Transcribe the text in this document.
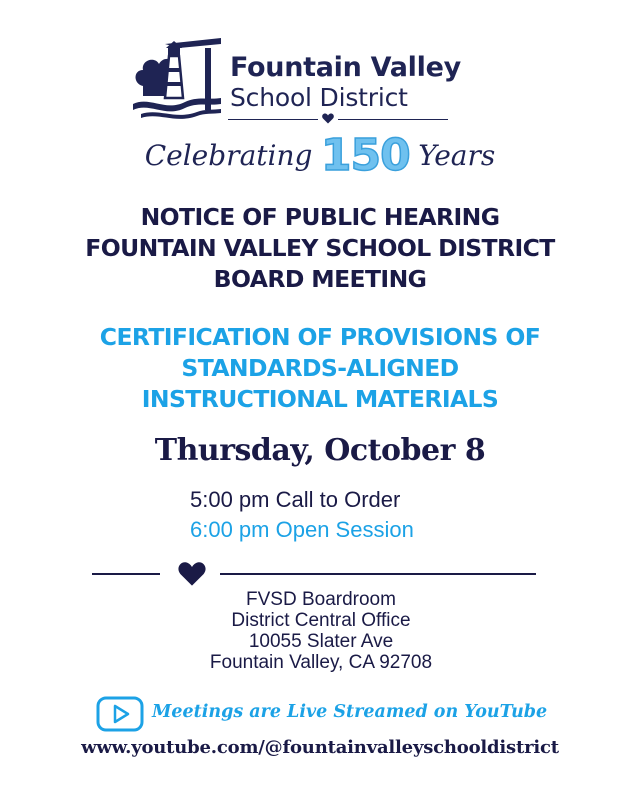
Fountain Valley
School District
Celebrating 150 Years
NOTICE OF PUBLIC HEARING
FOUNTAIN VALLEY SCHOOL DISTRICT
BOARD MEETING
CERTIFICATION OF PROVISIONS OF
STANDARDS-ALIGNED
INSTRUCTIONAL MATERIALS
Thursday, October 8
5:00 pm Call to Order
6:00 pm Open Session
FVSD Boardroom
District Central Office
10055 Slater Ave
Fountain Valley, CA 92708
Meetings are Live Streamed on YouTube
www.youtube.com/@fountainvalleyschooldistrict
